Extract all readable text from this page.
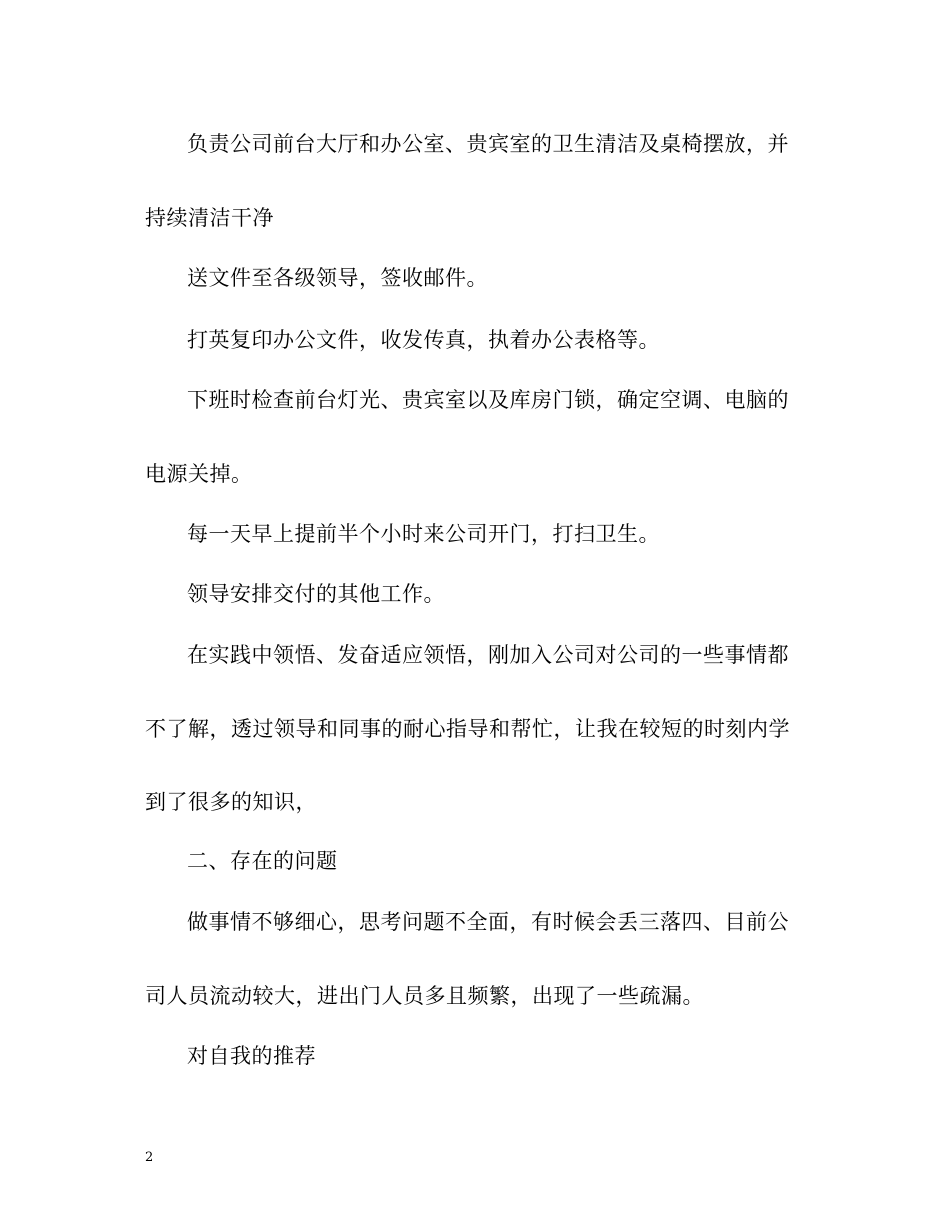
负责公司前台大厅和办公室、贵宾室的卫生清洁及桌椅摆放，并
持续清洁干净
送文件至各级领导，签收邮件。
打英复印办公文件，收发传真，执着办公表格等。
下班时检查前台灯光、贵宾室以及库房门锁，确定空调、电脑的
电源关掉。
每一天早上提前半个小时来公司开门，打扫卫生。
领导安排交付的其他工作。
在实践中领悟、发奋适应领悟，刚加入公司对公司的一些事情都
不了解，透过领导和同事的耐心指导和帮忙，让我在较短的时刻内学
到了很多的知识，
二、存在的问题
做事情不够细心，思考问题不全面，有时候会丢三落四、目前公
司人员流动较大，进出门人员多且频繁，出现了一些疏漏。
对自我的推荐
2
